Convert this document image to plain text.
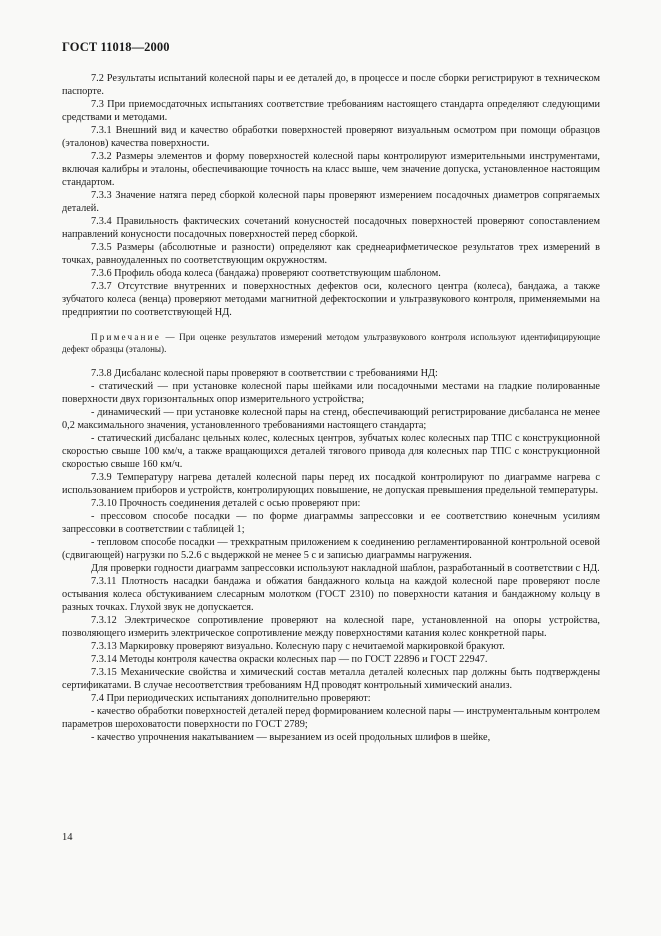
ГОСТ 11018—2000

7.2 Результаты испытаний колесной пары и ее деталей до, в процессе и после сборки регистрируют в техническом паспорте.

7.3 При приемосдаточных испытаниях соответствие требованиям настоящего стандарта определяют следующими средствами и методами.

7.3.1 Внешний вид и качество обработки поверхностей проверяют визуальным осмотром при помощи образцов (эталонов) качества поверхности.

7.3.2 Размеры элементов и форму поверхностей колесной пары контролируют измерительными инструментами, включая калибры и эталоны, обеспечивающие точность на класс выше, чем значение допуска, установленное настоящим стандартом.

7.3.3 Значение натяга перед сборкой колесной пары проверяют измерением посадочных диаметров сопрягаемых деталей.

7.3.4 Правильность фактических сочетаний конусностей посадочных поверхностей проверяют сопоставлением направлений конусности посадочных поверхностей перед сборкой.

7.3.5 Размеры (абсолютные и разности) определяют как среднеарифметическое результатов трех измерений в точках, равноудаленных по соответствующим окружностям.

7.3.6 Профиль обода колеса (бандажа) проверяют соответствующим шаблоном.

7.3.7 Отсутствие внутренних и поверхностных дефектов оси, колесного центра (колеса), бандажа, а также зубчатого колеса (венца) проверяют методами магнитной дефектоскопии и ультразвукового контроля, применяемыми на предприятии по соответствующей НД.

Примечание — При оценке результатов измерений методом ультразвукового контроля используют идентифицирующие дефект образцы (эталоны).

7.3.8 Дисбаланс колесной пары проверяют в соответствии с требованиями НД:

- статический — при установке колесной пары шейками или посадочными местами на гладкие полированные поверхности двух горизонтальных опор измерительного устройства;

- динамический — при установке колесной пары на стенд, обеспечивающий регистрирование дисбаланса не менее 0,2 максимального значения, установленного требованиями настоящего стандарта;

- статический дисбаланс цельных колес, колесных центров, зубчатых колес колесных пар ТПС с конструкционной скоростью свыше 100 км/ч, а также вращающихся деталей тягового привода для колесных пар ТПС с конструкционной скоростью свыше 160 км/ч.

7.3.9 Температуру нагрева деталей колесной пары перед их посадкой контролируют по диаграмме нагрева с использованием приборов и устройств, контролирующих повышение, не допуская превышения предельной температуры.

7.3.10 Прочность соединения деталей с осью проверяют при:

- прессовом способе посадки — по форме диаграммы запрессовки и ее соответствию конечным усилиям запрессовки в соответствии с таблицей 1;

- тепловом способе посадки — трехкратным приложением к соединению регламентированной контрольной осевой (сдвигающей) нагрузки по 5.2.6 с выдержкой не менее 5 с и записью диаграммы нагружения.

Для проверки годности диаграмм запрессовки используют накладной шаблон, разработанный в соответствии с НД.

7.3.11 Плотность насадки бандажа и обжатия бандажного кольца на каждой колесной паре проверяют после остывания колеса обстукиванием слесарным молотком (ГОСТ 2310) по поверхности катания и бандажному кольцу в разных точках. Глухой звук не допускается.

7.3.12 Электрическое сопротивление проверяют на колесной паре, установленной на опоры устройства, позволяющего измерить электрическое сопротивление между поверхностями катания колес конкретной пары.

7.3.13 Маркировку проверяют визуально. Колесную пару с нечитаемой маркировкой бракуют.

7.3.14 Методы контроля качества окраски колесных пар — по ГОСТ 22896 и ГОСТ 22947.

7.3.15 Механические свойства и химический состав металла деталей колесных пар должны быть подтверждены сертификатами. В случае несоответствия требованиям НД проводят контрольный химический анализ.

7.4 При периодических испытаниях дополнительно проверяют:

- качество обработки поверхностей деталей перед формированием колесной пары — инструментальным контролем параметров шероховатости поверхности по ГОСТ 2789;

- качество упрочнения накатыванием — вырезанием из осей продольных шлифов в шейке,

14
